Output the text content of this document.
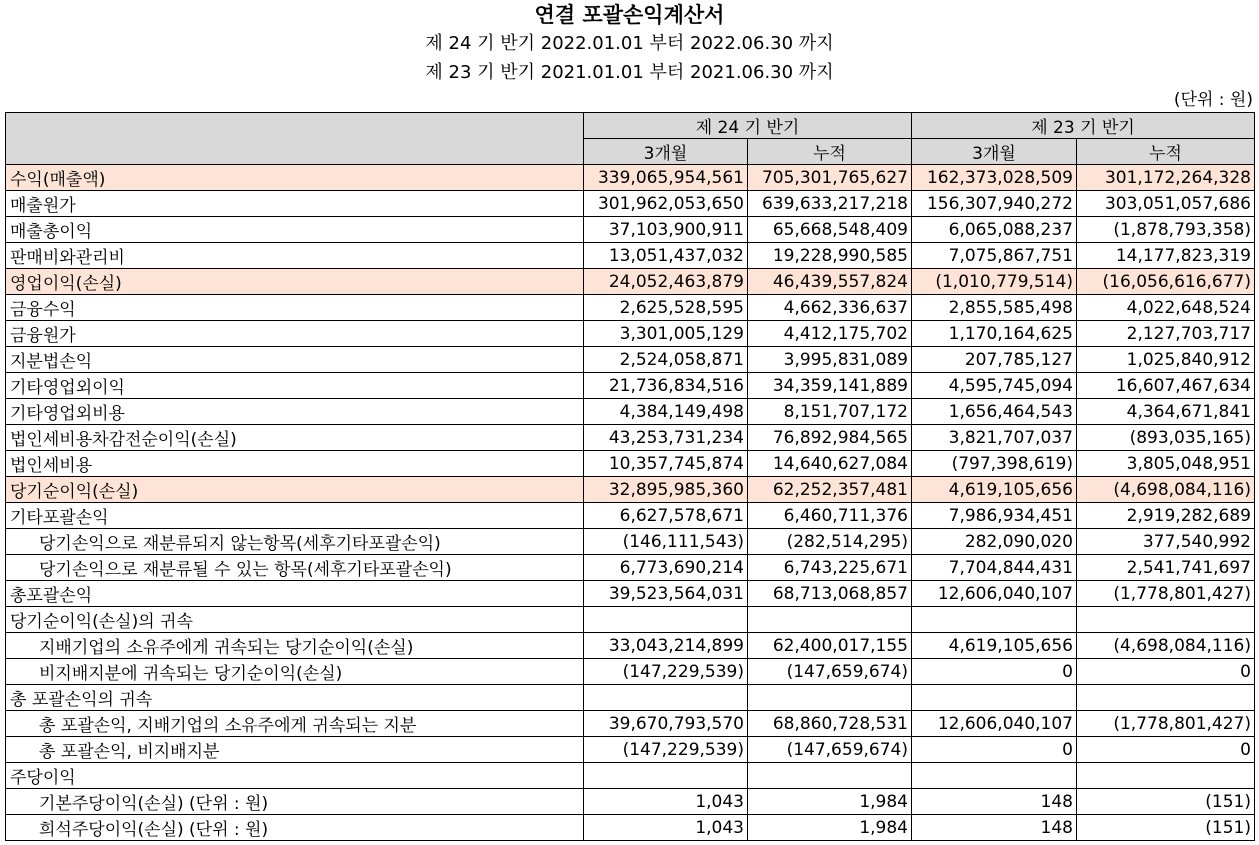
연결 포괄손익계산서
제 24 기 반기 2022.01.01 부터 2022.06.30 까지
제 23 기 반기 2021.01.01 부터 2021.06.30 까지
(단위 : 원)
	제 24 기 반기		제 23 기 반기	
	3개월	누적	3개월	누적
수익(매출액)	339,065,954,561	705,301,765,627	162,373,028,509	301,172,264,328
매출원가	301,962,053,650	639,633,217,218	156,307,940,272	303,051,057,686
매출총이익	37,103,900,911	65,668,548,409	6,065,088,237	(1,878,793,358)
판매비와관리비	13,051,437,032	19,228,990,585	7,075,867,751	14,177,823,319
영업이익(손실)	24,052,463,879	46,439,557,824	(1,010,779,514)	(16,056,616,677)
금융수익	2,625,528,595	4,662,336,637	2,855,585,498	4,022,648,524
금융원가	3,301,005,129	4,412,175,702	1,170,164,625	2,127,703,717
지분법손익	2,524,058,871	3,995,831,089	207,785,127	1,025,840,912
기타영업외이익	21,736,834,516	34,359,141,889	4,595,745,094	16,607,467,634
기타영업외비용	4,384,149,498	8,151,707,172	1,656,464,543	4,364,671,841
법인세비용차감전순이익(손실)	43,253,731,234	76,892,984,565	3,821,707,037	(893,035,165)
법인세비용	10,357,745,874	14,640,627,084	(797,398,619)	3,805,048,951
당기순이익(손실)	32,895,985,360	62,252,357,481	4,619,105,656	(4,698,084,116)
기타포괄손익	6,627,578,671	6,460,711,376	7,986,934,451	2,919,282,689
당기손익으로 재분류되지 않는항목(세후기타포괄손익)	(146,111,543)	(282,514,295)	282,090,020	377,540,992
당기손익으로 재분류될 수 있는 항목(세후기타포괄손익)	6,773,690,214	6,743,225,671	7,704,844,431	2,541,741,697
총포괄손익	39,523,564,031	68,713,068,857	12,606,040,107	(1,778,801,427)
당기순이익(손실)의 귀속				
지배기업의 소유주에게 귀속되는 당기순이익(손실)	33,043,214,899	62,400,017,155	4,619,105,656	(4,698,084,116)
비지배지분에 귀속되는 당기순이익(손실)	(147,229,539)	(147,659,674)	0	0
총 포괄손익의 귀속				
총 포괄손익, 지배기업의 소유주에게 귀속되는 지분	39,670,793,570	68,860,728,531	12,606,040,107	(1,778,801,427)
총 포괄손익, 비지배지분	(147,229,539)	(147,659,674)	0	0
주당이익				
기본주당이익(손실) (단위 : 원)	1,043	1,984	148	(151)
희석주당이익(손실) (단위 : 원)	1,043	1,984	148	(151)
